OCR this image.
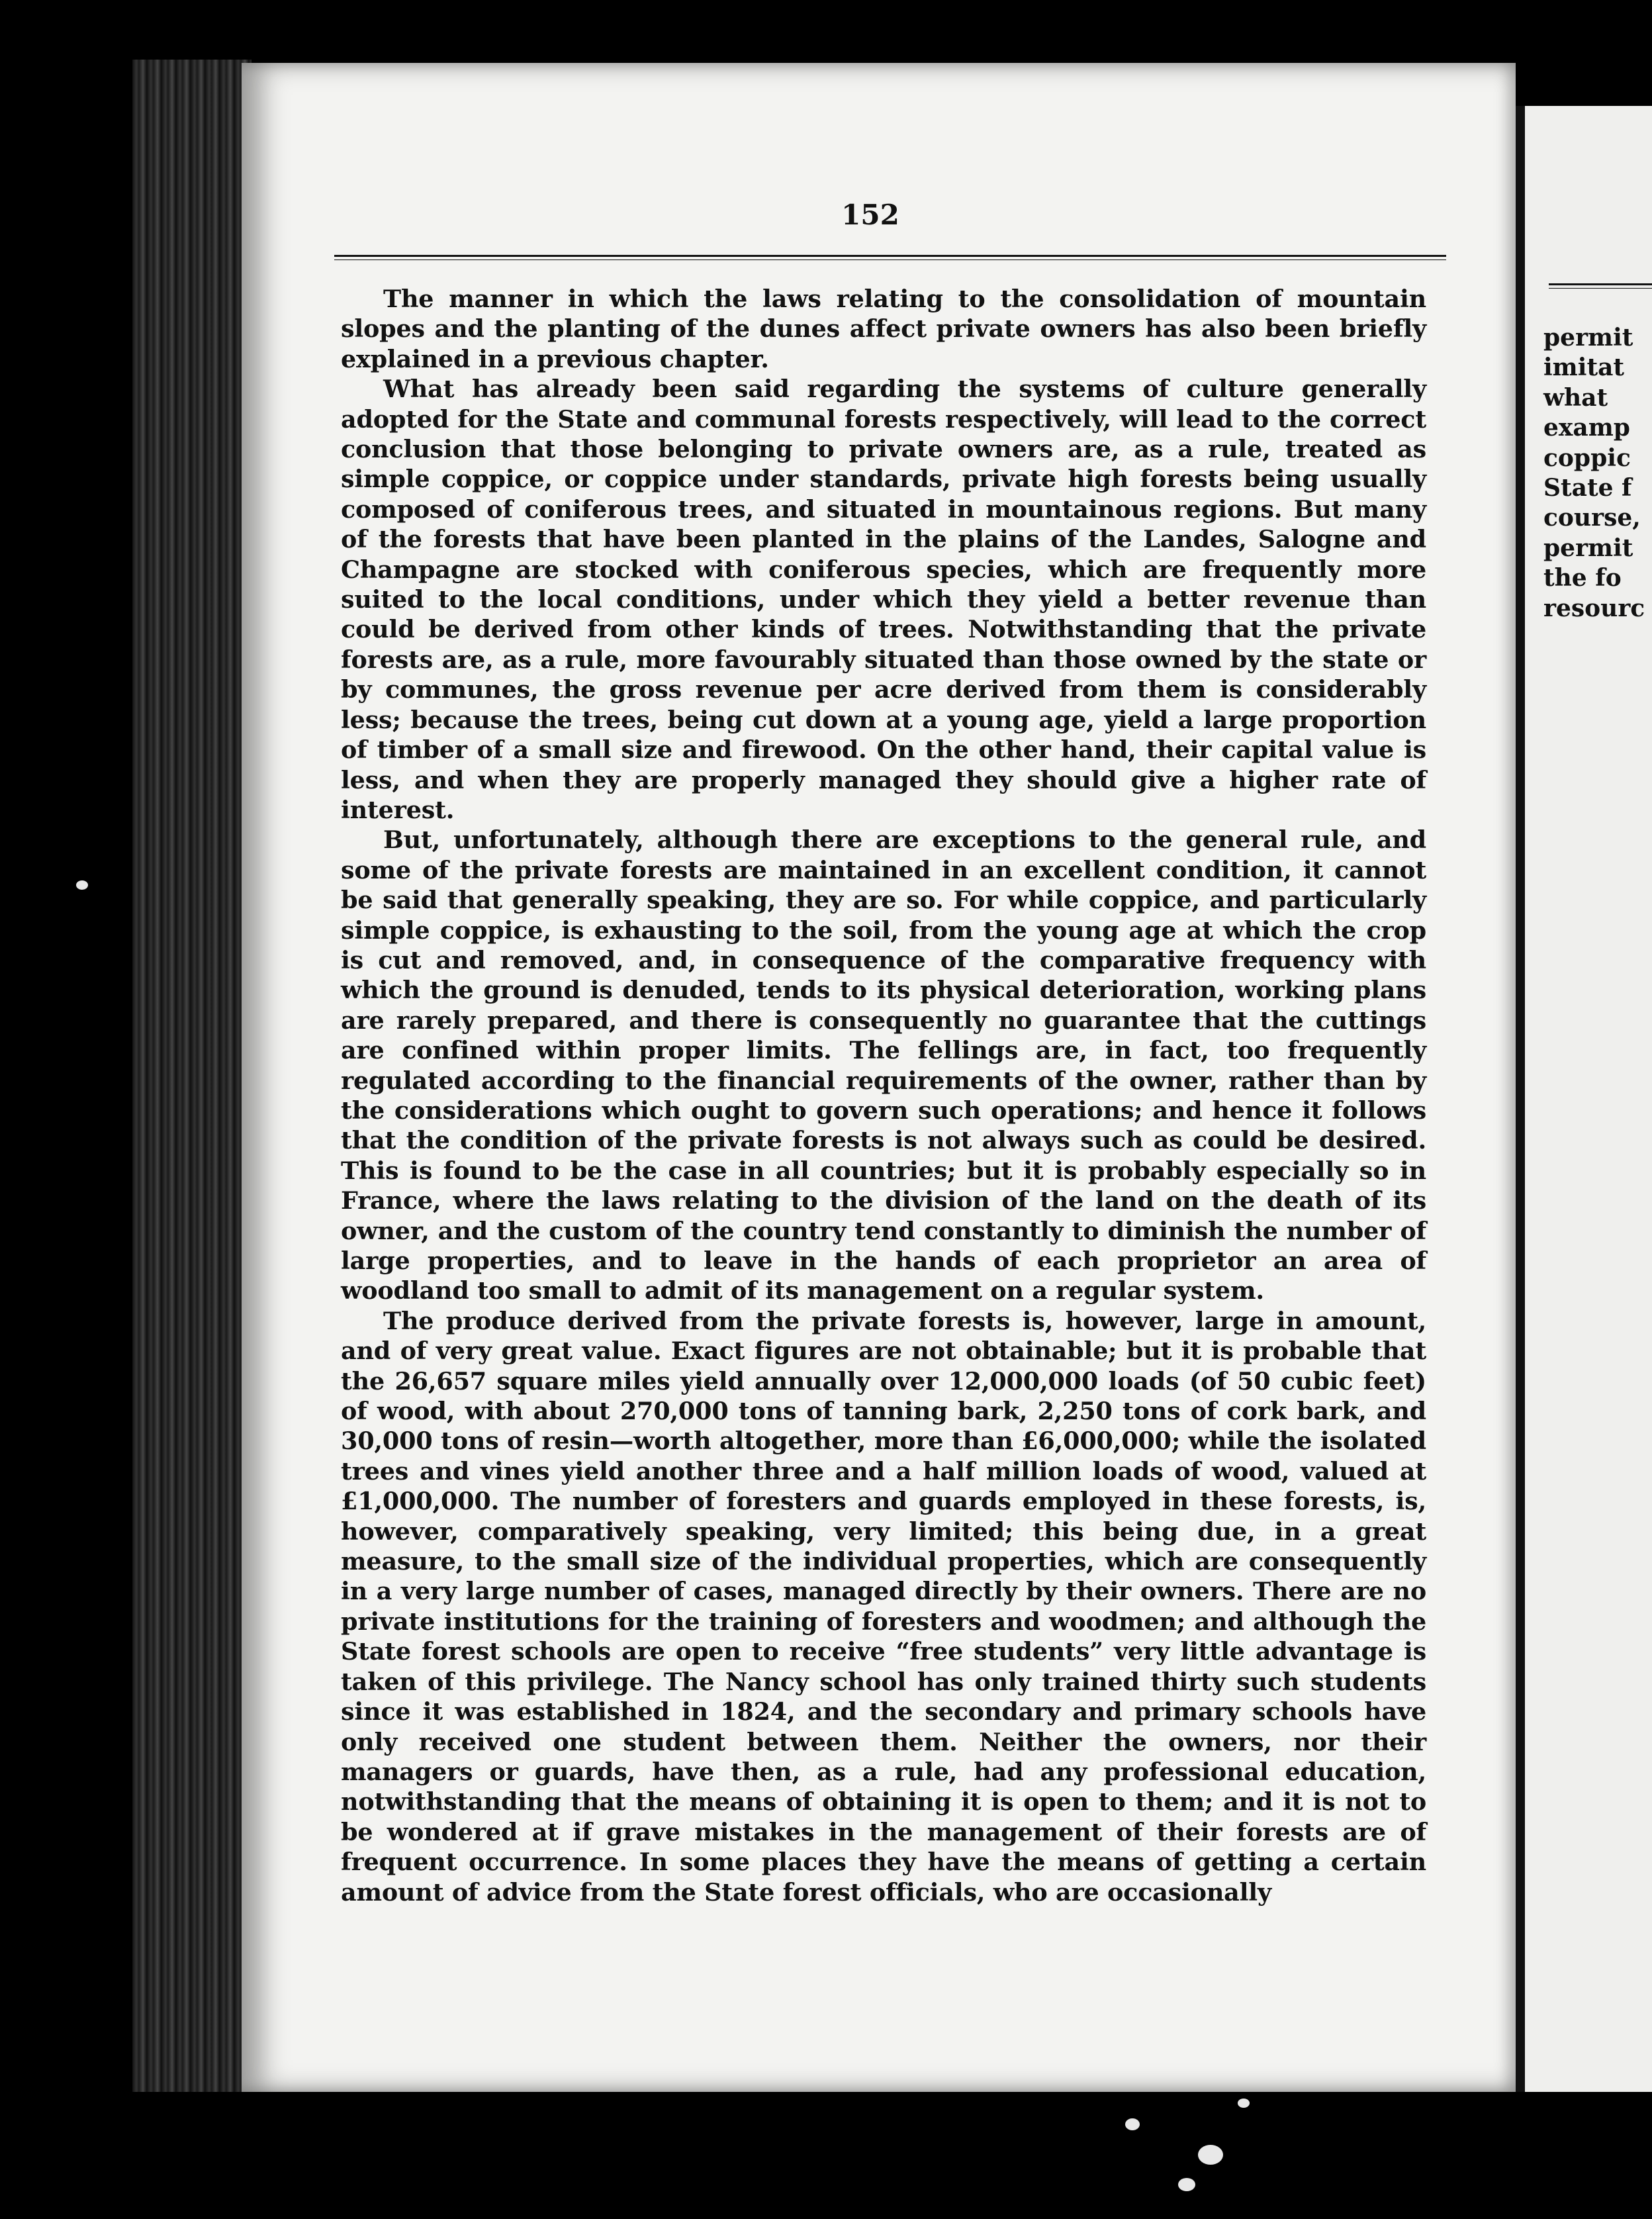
152

The manner in which the laws relating to the consolidation of mountain slopes and the planting of the dunes affect private owners has also been briefly explained in a previous chapter.

What has already been said regarding the systems of culture generally adopted for the State and communal forests respectively, will lead to the correct conclusion that those belonging to private owners are, as a rule, treated as simple coppice, or coppice under standards, private high forests being usually composed of coniferous trees, and situated in mountainous regions. But many of the forests that have been planted in the plains of the Landes, Salogne and Champagne are stocked with coniferous species, which are frequently more suited to the local conditions, under which they yield a better revenue than could be derived from other kinds of trees. Notwithstanding that the private forests are, as a rule, more favourably situated than those owned by the state or by communes, the gross revenue per acre derived from them is considerably less; because the trees, being cut down at a young age, yield a large proportion of timber of a small size and firewood. On the other hand, their capital value is less, and when they are properly managed they should give a higher rate of interest.

But, unfortunately, although there are exceptions to the general rule, and some of the private forests are maintained in an excellent condition, it cannot be said that generally speaking, they are so. For while coppice, and particularly simple coppice, is exhausting to the soil, from the young age at which the crop is cut and removed, and, in consequence of the comparative frequency with which the ground is denuded, tends to its physical deterioration, working plans are rarely prepared, and there is consequently no guarantee that the cuttings are confined within proper limits. The fellings are, in fact, too frequently regulated according to the financial requirements of the owner, rather than by the considerations which ought to govern such operations; and hence it follows that the condition of the private forests is not always such as could be desired. This is found to be the case in all countries; but it is probably especially so in France, where the laws relating to the division of the land on the death of its owner, and the custom of the country tend constantly to diminish the number of large properties, and to leave in the hands of each proprietor an area of woodland too small to admit of its management on a regular system.

The produce derived from the private forests is, however, large in amount, and of very great value. Exact figures are not obtainable; but it is probable that the 26,657 square miles yield annually over 12,000,000 loads (of 50 cubic feet) of wood, with about 270,000 tons of tanning bark, 2,250 tons of cork bark, and 30,000 tons of resin—worth altogether, more than £6,000,000; while the isolated trees and vines yield another three and a half million loads of wood, valued at £1,000,000. The number of foresters and guards employed in these forests, is, however, comparatively speaking, very limited; this being due, in a great measure, to the small size of the individual properties, which are consequently in a very large number of cases, managed directly by their owners. There are no private institutions for the training of foresters and woodmen; and although the State forest schools are open to receive “free students” very little advantage is taken of this privilege. The Nancy school has only trained thirty such students since it was established in 1824, and the secondary and primary schools have only received one student between them. Neither the owners, nor their managers or guards, have then, as a rule, had any professional education, notwithstanding that the means of obtaining it is open to them; and it is not to be wondered at if grave mistakes in the management of their forests are of frequent occurrence. In some places they have the means of getting a certain amount of advice from the State forest officials, who are occasionally

permit
imitat
what
examp
coppic
State f
course,
permit
the fo
resourc
